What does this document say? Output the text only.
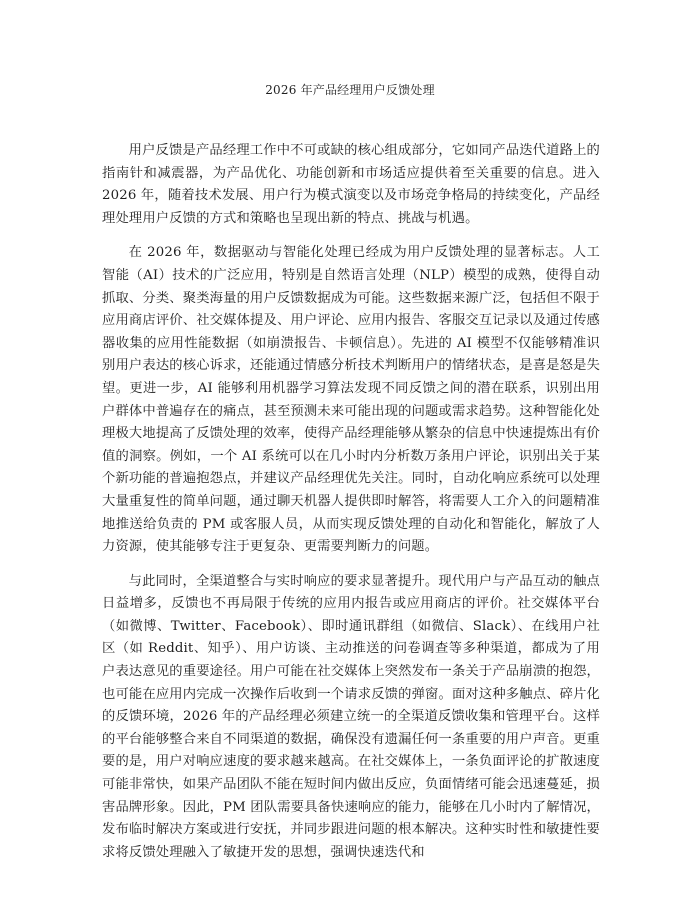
2026 年产品经理用户反馈处理

用户反馈是产品经理工作中不可或缺的核心组成部分，它如同产品迭代道路上的指南针和减震器，为产品优化、功能创新和市场适应提供着至关重要的信息。进入 2026 年，随着技术发展、用户行为模式演变以及市场竞争格局的持续变化，产品经理处理用户反馈的方式和策略也呈现出新的特点、挑战与机遇。

在 2026 年，数据驱动与智能化处理已经成为用户反馈处理的显著标志。人工智能（AI）技术的广泛应用，特别是自然语言处理（NLP）模型的成熟，使得自动抓取、分类、聚类海量的用户反馈数据成为可能。这些数据来源广泛，包括但不限于应用商店评价、社交媒体提及、用户评论、应用内报告、客服交互记录以及通过传感器收集的应用性能数据（如崩溃报告、卡顿信息）。先进的 AI 模型不仅能够精准识别用户表达的核心诉求，还能通过情感分析技术判断用户的情绪状态，是喜是怒是失望。更进一步，AI 能够利用机器学习算法发现不同反馈之间的潜在联系，识别出用户群体中普遍存在的痛点，甚至预测未来可能出现的问题或需求趋势。这种智能化处理极大地提高了反馈处理的效率，使得产品经理能够从繁杂的信息中快速提炼出有价值的洞察。例如，一个 AI 系统可以在几小时内分析数万条用户评论，识别出关于某个新功能的普遍抱怨点，并建议产品经理优先关注。同时，自动化响应系统可以处理大量重复性的简单问题，通过聊天机器人提供即时解答，将需要人工介入的问题精准地推送给负责的 PM 或客服人员，从而实现反馈处理的自动化和智能化，解放了人力资源，使其能够专注于更复杂、更需要判断力的问题。

与此同时，全渠道整合与实时响应的要求显著提升。现代用户与产品互动的触点日益增多，反馈也不再局限于传统的应用内报告或应用商店的评价。社交媒体平台（如微博、Twitter、Facebook）、即时通讯群组（如微信、Slack）、在线用户社区（如 Reddit、知乎）、用户访谈、主动推送的问卷调查等多种渠道，都成为了用户表达意见的重要途径。用户可能在社交媒体上突然发布一条关于产品崩溃的抱怨，也可能在应用内完成一次操作后收到一个请求反馈的弹窗。面对这种多触点、碎片化的反馈环境，2026 年的产品经理必须建立统一的全渠道反馈收集和管理平台。这样的平台能够整合来自不同渠道的数据，确保没有遗漏任何一条重要的用户声音。更重要的是，用户对响应速度的要求越来越高。在社交媒体上，一条负面评论的扩散速度可能非常快，如果产品团队不能在短时间内做出反应，负面情绪可能会迅速蔓延，损害品牌形象。因此，PM 团队需要具备快速响应的能力，能够在几小时内了解情况，发布临时解决方案或进行安抚，并同步跟进问题的根本解决。这种实时性和敏捷性要求将反馈处理融入了敏捷开发的思想，强调快速迭代和
